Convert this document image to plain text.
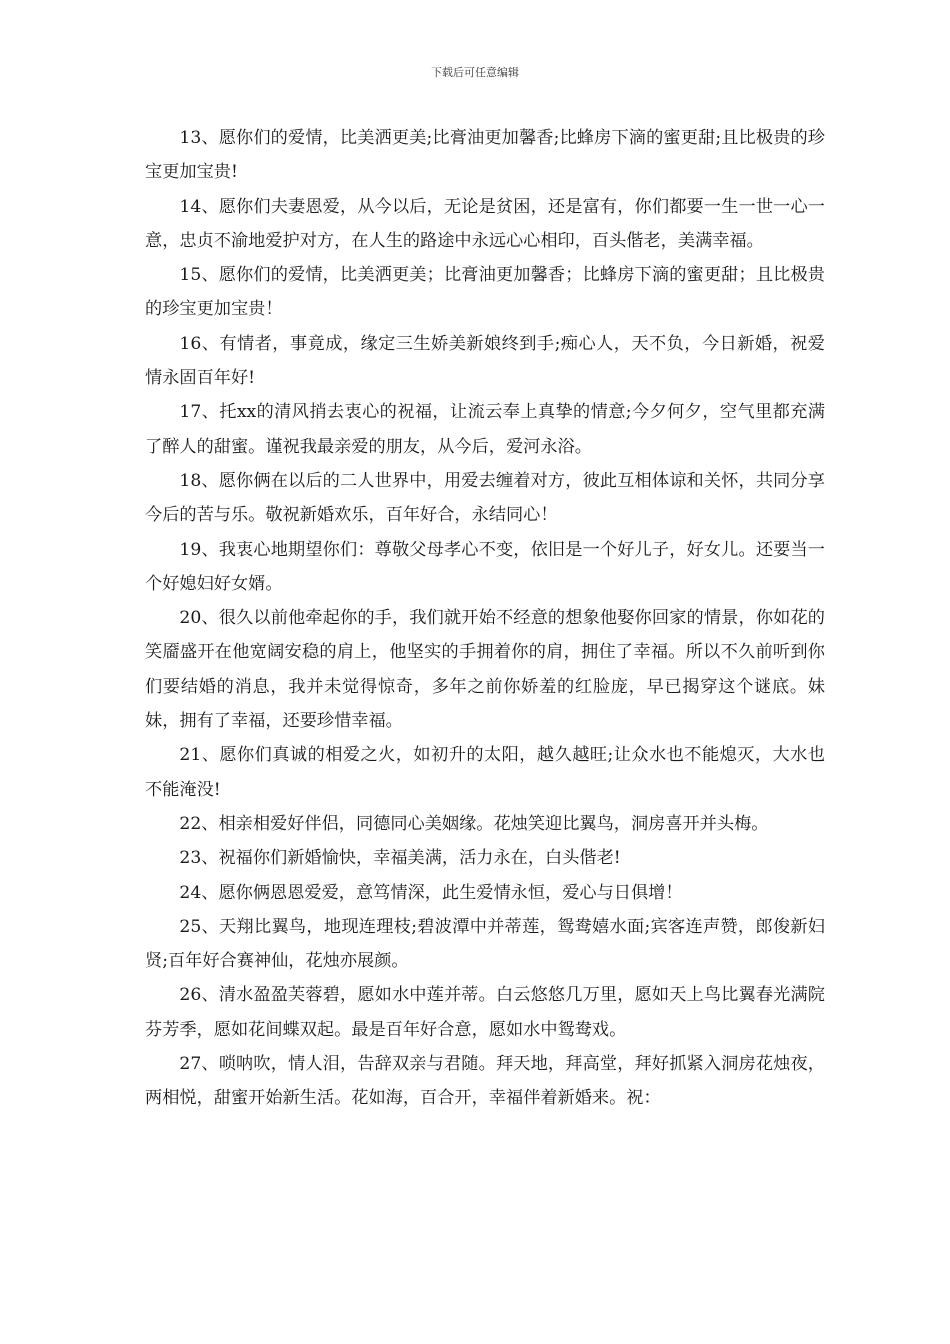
下载后可任意编辑

13、愿你们的爱情，比美洒更美;比膏油更加馨香;比蜂房下滴的蜜更甜;且比极贵的珍宝更加宝贵!

14、愿你们夫妻恩爱，从今以后，无论是贫困，还是富有，你们都要一生一世一心一意，忠贞不渝地爱护对方，在人生的路途中永远心心相印，百头偕老，美满幸福。

15、愿你们的爱情，比美洒更美；比膏油更加馨香；比蜂房下滴的蜜更甜；且比极贵的珍宝更加宝贵！

16、有情者，事竟成，缘定三生娇美新娘终到手;痴心人，天不负，今日新婚，祝爱情永固百年好!

17、托xx的清风捎去衷心的祝福，让流云奉上真挚的情意;今夕何夕，空气里都充满了醉人的甜蜜。谨祝我最亲爱的朋友，从今后，爱河永浴。

18、愿你俩在以后的二人世界中，用爱去缠着对方，彼此互相体谅和关怀，共同分享今后的苦与乐。敬祝新婚欢乐，百年好合，永结同心！

19、我衷心地期望你们：尊敬父母孝心不变，依旧是一个好儿子，好女儿。还要当一个好媳妇好女婿。

20、很久以前他牵起你的手，我们就开始不经意的想象他娶你回家的情景，你如花的笑靥盛开在他宽阔安稳的肩上，他坚实的手拥着你的肩，拥住了幸福。所以不久前听到你们要结婚的消息，我并未觉得惊奇，多年之前你娇羞的红脸庞，早已揭穿这个谜底。妹妹，拥有了幸福，还要珍惜幸福。

21、愿你们真诚的相爱之火，如初升的太阳，越久越旺;让众水也不能熄灭，大水也不能淹没!

22、相亲相爱好伴侣，同德同心美姻缘。花烛笑迎比翼鸟，洞房喜开并头梅。

23、祝福你们新婚愉快，幸福美满，活力永在，白头偕老!

24、愿你俩恩恩爱爱，意笃情深，此生爱情永恒，爱心与日俱增！

25、天翔比翼鸟，地现连理枝;碧波潭中并蒂莲，鸳鸯嬉水面;宾客连声赞，郎俊新妇贤;百年好合赛神仙，花烛亦展颜。

26、清水盈盈芙蓉碧，愿如水中莲并蒂。白云悠悠几万里，愿如天上鸟比翼春光满院芬芳季，愿如花间蝶双起。最是百年好合意，愿如水中鸳鸯戏。

27、唢呐吹，情人泪，告辞双亲与君随。拜天地，拜高堂，拜好抓紧入洞房花烛夜，两相悦，甜蜜开始新生活。花如海，百合开，幸福伴着新婚来。祝：
